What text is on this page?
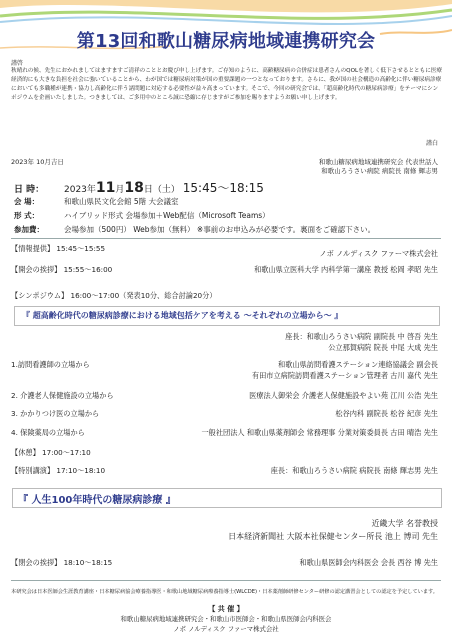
第13回和歌山糖尿病地域連携研究会
謹啓
秋晴れの候、先生におかれましてはますますご清祥のこととお慶び申し上げます。ご存知のように、高齢糖尿病の合併症は患者さんのQOLを著しく低下させるとともに医療経済的にも大きな負担を社会に強いていることから、わが国では糖尿病対策が国の重要課題の一つとなっております。さらに、我が国の社会構造の高齢化に伴い糖尿病診療においても多職種が連携・協力し高齢化に伴う諸問題に対応する必要性が益々高まっています。そこで、今回の研究会では、「超高齢化時代の糖尿病診療」をテーマにシンポジウムを企画いたしました。つきましては、ご多用中のところ誠に恐縮に存じますがご参加を賜りますようお願い申し上げます。
謹白
2023年 10月吉日	和歌山糖尿病地域連携研究会 代表世話人
和歌山ろうさい病院 病院長 南條 輝志男
日 時： 2023年11月18日（土） 15:45～18:15
会 場：	和歌山県民文化会館 5階 大会議室
形 式：	ハイブリッド形式 会場参加＋Web配信（Microsoft Teams）
参加費：	会場参加（500円） Web参加（無料） ※事前のお申込みが必要です。裏面をご確認下さい。
【情報提供】 15:45～15:55
ノボ ノルディスク ファーマ株式会社
【開会の挨拶】 15:55～16:00	和歌山県立医科大学 内科学第一講座 教授 松岡 孝昭 先生
【シンポジウム】 16:00～17:00（発表10分、総合討論20分）
『 超高齢化時代の糖尿病診療における地域包括ケアを考える ～それぞれの立場から～ 』
座長：和歌山ろうさい病院 副院長 中 啓吾 先生
公立那賀病院 院長 中尾 大成 先生
1.訪問看護師の立場から	和歌山県訪問看護ステーション連絡協議会 副会長
有田市立病院訪問看護ステーション管理者 古川 嘉代 先生
2. 介護老人保健施設の立場から	医療法人御栄会 介護老人保健施設やよい苑 江川 公浩 先生
3. かかりつけ医の立場から	松谷内科 副院長 松谷 紀彦 先生
4. 保険薬局の立場から	一般社団法人 和歌山県薬剤師会 常務理事 分業対策委員長 古田 晴浩 先生
【休憩】 17:00～17:10
【特別講演】 17:10～18:10	座長：和歌山ろうさい病院 病院長 南條 輝志男 先生
『 人生100年時代の糖尿病診療 』
近畿大学 名誉教授
日本経済新聞社 大阪本社保健センター所長 池上 博司 先生
【閉会の挨拶】 18:10～18:15	和歌山県医師会内科医会 会長 西谷 博 先生
本研究会は日本医師会生涯教育講座・日本糖尿病協会療養指導医・和歌山地域糖尿病療養指導士(WLCDE)・日本薬剤師研修センター研修の認定講習会としての認定を予定しています。
【 共 催 】
和歌山糖尿病地域連携研究会・和歌山市医師会・和歌山県医師会内科医会
ノボ ノルディスク ファーマ株式会社
